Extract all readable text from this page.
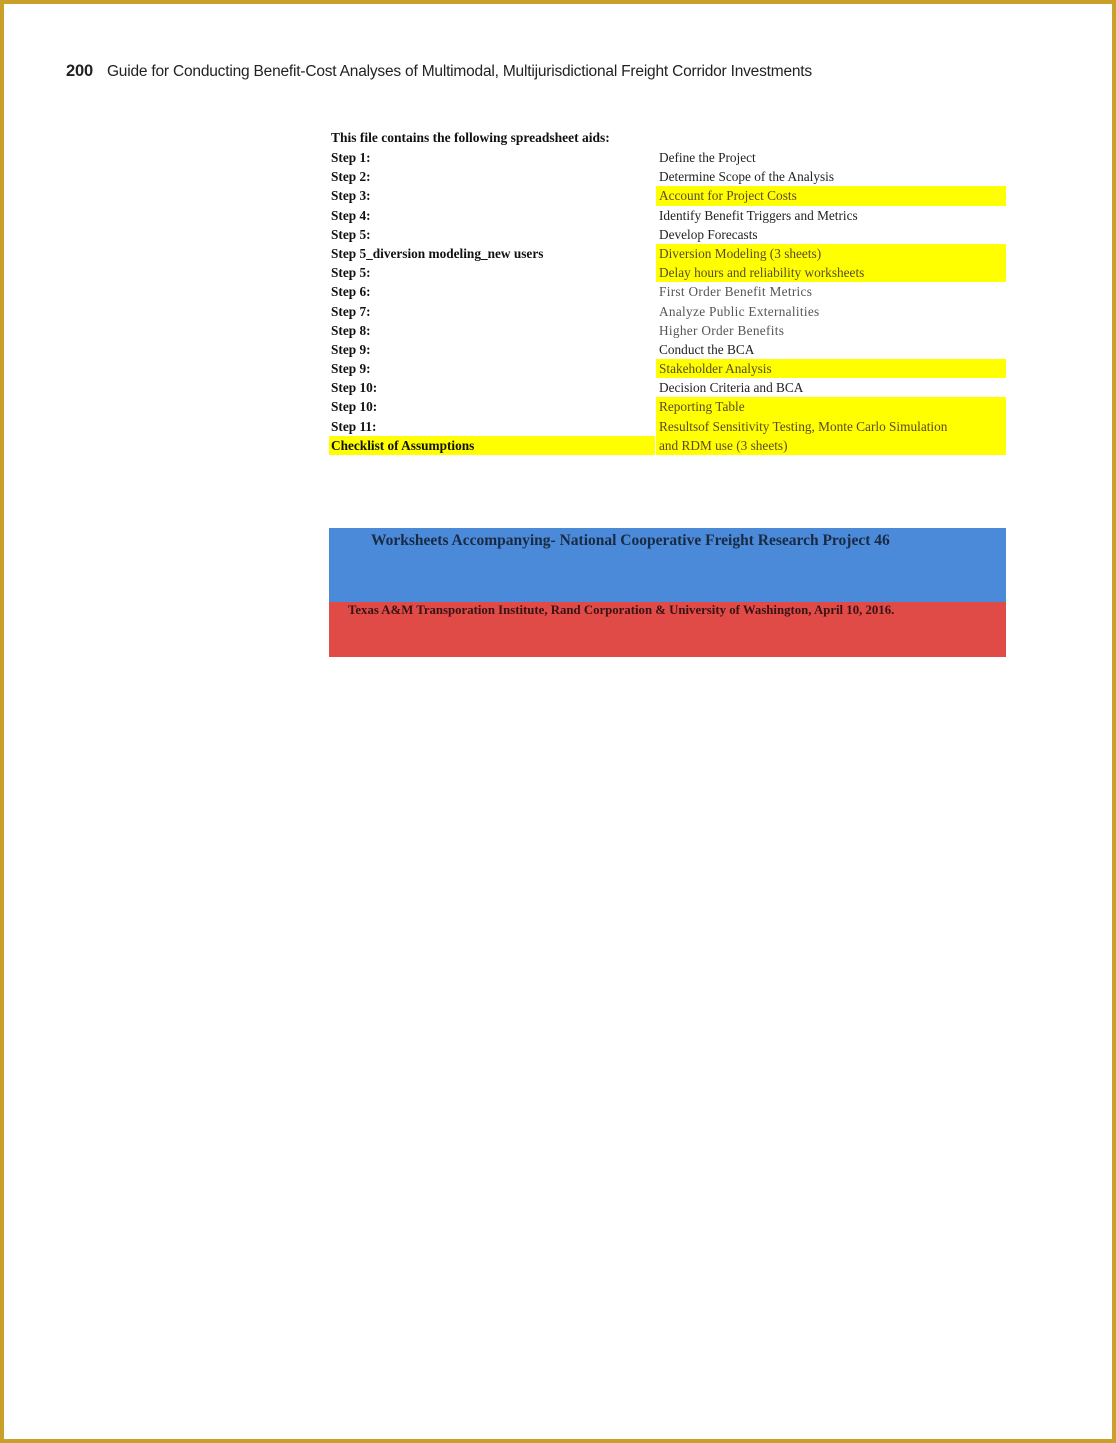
200 Guide for Conducting Benefit-Cost Analyses of Multimodal, Multijurisdictional Freight Corridor Investments
This file contains the following spreadsheet aids:
Step 1:	Define the Project
Step 2:	Determine Scope of the Analysis
Step 3:	Account for Project Costs
Step 4:	Identify Benefit Triggers and Metrics
Step 5:	Develop Forecasts
Step 5_diversion modeling_new users	Diversion Modeling (3 sheets)
Step 5:	Delay hours and reliability worksheets
Step 6:	First Order Benefit Metrics
Step 7:	Analyze Public Externalities
Step 8:	Higher Order Benefits
Step 9:	Conduct the BCA
Step 9:	Stakeholder Analysis
Step 10:	Decision Criteria and BCA
Step 10:	Reporting Table
Step 11:	Resultsof Sensitivity Testing, Monte Carlo Simulation
Checklist of Assumptions	and RDM use (3 sheets)
Worksheets Accompanying- National Cooperative Freight Research Project 46
Texas A&M Transporation Institute, Rand Corporation & University of Washington, April 10, 2016.
